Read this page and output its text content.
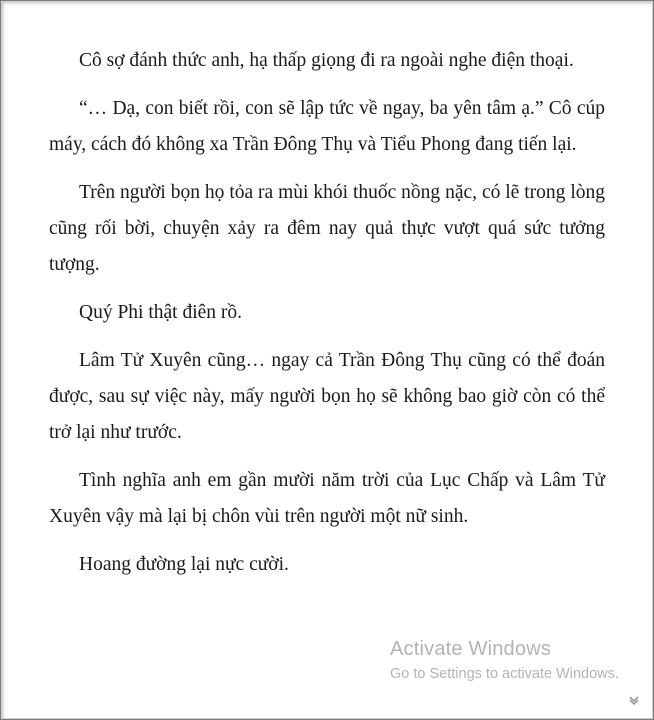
Cô sợ đánh thức anh, hạ thấp giọng đi ra ngoài nghe điện thoại.

“… Dạ, con biết rồi, con sẽ lập tức về ngay, ba yên tâm ạ.” Cô cúp máy, cách đó không xa Trần Đông Thụ và Tiểu Phong đang tiến lại.

Trên người bọn họ tỏa ra mùi khói thuốc nồng nặc, có lẽ trong lòng cũng rối bời, chuyện xảy ra đêm nay quả thực vượt quá sức tưởng tượng.

Quý Phi thật điên rồ.

Lâm Tử Xuyên cũng… ngay cả Trần Đông Thụ cũng có thể đoán được, sau sự việc này, mấy người bọn họ sẽ không bao giờ còn có thể trở lại như trước.

Tình nghĩa anh em gần mười năm trời của Lục Chấp và Lâm Tử Xuyên vậy mà lại bị chôn vùi trên người một nữ sinh.

Hoang đường lại nực cười.

Activate Windows
Go to Settings to activate Windows.
